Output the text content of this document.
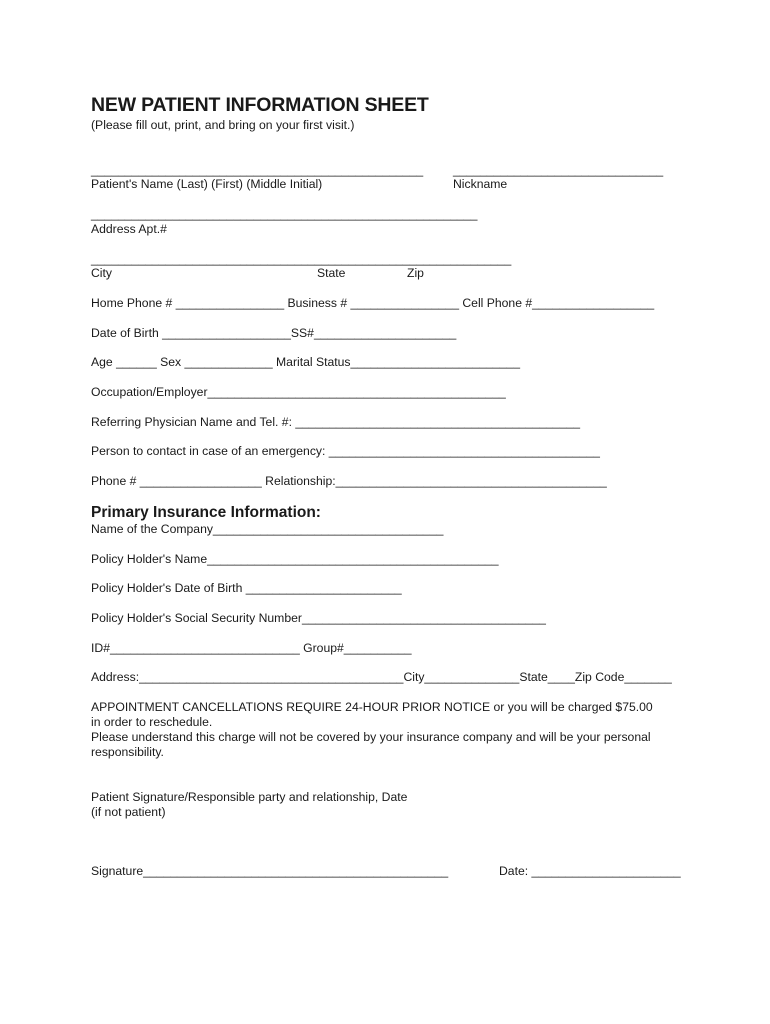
NEW PATIENT INFORMATION SHEET
(Please fill out, print, and bring on your first visit.)
_________________________________________________ _______________________________
Patient's Name (Last) (First) (Middle Initial)	Nickname
_________________________________________________________
Address Apt.#
______________________________________________________________
City	State	Zip
Home Phone # ________________ Business # ________________ Cell Phone #__________________
Date of Birth ___________________SS#_____________________
Age ______ Sex _____________ Marital Status_________________________
Occupation/Employer____________________________________________
Referring Physician Name and Tel. #: __________________________________________
Person to contact in case of an emergency: ________________________________________
Phone # __________________ Relationship:________________________________________
Primary Insurance Information:
Name of the Company__________________________________
Policy Holder's Name___________________________________________
Policy Holder's Date of Birth _______________________
Policy Holder's Social Security Number____________________________________
ID#____________________________ Group#__________
Address:_______________________________________City______________State____Zip Code_______
APPOINTMENT CANCELLATIONS REQUIRE 24-HOUR PRIOR NOTICE or you will be charged $75.00
in order to reschedule.
Please understand this charge will not be covered by your insurance company and will be your personal
responsibility.
Patient Signature/Responsible party and relationship, Date
(if not patient)
Signature_____________________________________________	Date: ______________________
